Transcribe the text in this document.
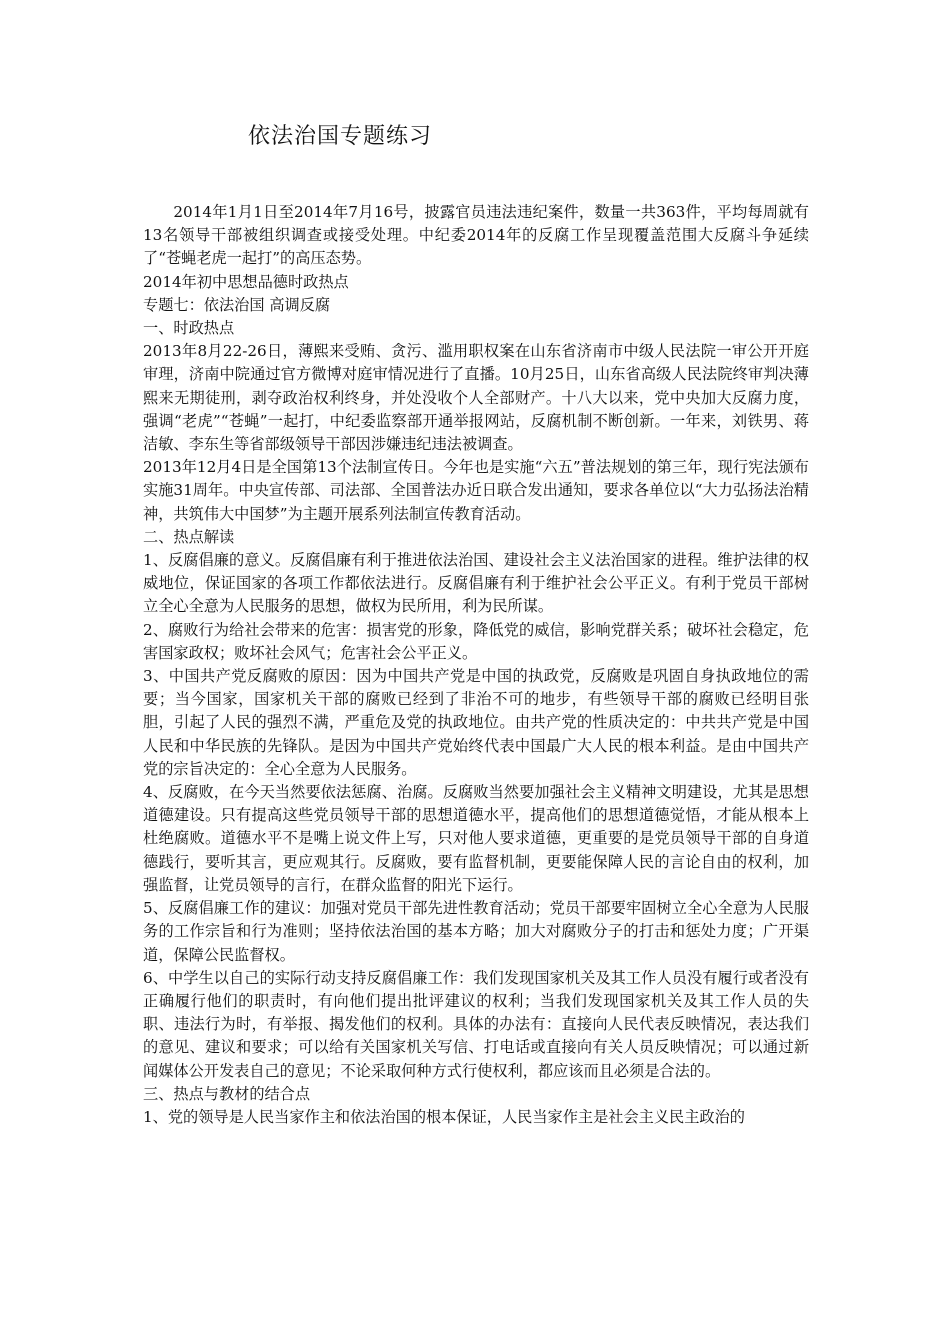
依法治国专题练习

2014年1月1日至2014年7月16号，披露官员违法违纪案件，数量一共363件，平均每周就有13名领导干部被组织调查或接受处理。中纪委2014年的反腐工作呈现覆盖范围大反腐斗争延续了“苍蝇老虎一起打”的高压态势。

2014年初中思想品德时政热点

专题七：依法治国 高调反腐

一、时政热点

2013年8月22-26日，薄熙来受贿、贪污、滥用职权案在山东省济南市中级人民法院一审公开开庭审理，济南中院通过官方微博对庭审情况进行了直播。10月25日，山东省高级人民法院终审判决薄熙来无期徒刑，剥夺政治权利终身，并处没收个人全部财产。十八大以来，党中央加大反腐力度，强调“老虎”“苍蝇”一起打，中纪委监察部开通举报网站，反腐机制不断创新。一年来，刘铁男、蒋洁敏、李东生等省部级领导干部因涉嫌违纪违法被调查。

2013年12月4日是全国第13个法制宣传日。今年也是实施“六五”普法规划的第三年，现行宪法颁布实施31周年。中央宣传部、司法部、全国普法办近日联合发出通知，要求各单位以“大力弘扬法治精神，共筑伟大中国梦”为主题开展系列法制宣传教育活动。

二、热点解读

1、反腐倡廉的意义。反腐倡廉有利于推进依法治国、建设社会主义法治国家的进程。维护法律的权威地位，保证国家的各项工作都依法进行。反腐倡廉有利于维护社会公平正义。有利于党员干部树立全心全意为人民服务的思想，做权为民所用，利为民所谋。

2、腐败行为给社会带来的危害：损害党的形象，降低党的威信，影响党群关系；破坏社会稳定，危害国家政权；败坏社会风气；危害社会公平正义。

3、中国共产党反腐败的原因：因为中国共产党是中国的执政党，反腐败是巩固自身执政地位的需要；当今国家，国家机关干部的腐败已经到了非治不可的地步，有些领导干部的腐败已经明目张胆，引起了人民的强烈不满，严重危及党的执政地位。由共产党的性质决定的：中共共产党是中国人民和中华民族的先锋队。是因为中国共产党始终代表中国最广大人民的根本利益。是由中国共产党的宗旨决定的：全心全意为人民服务。

4、反腐败，在今天当然要依法惩腐、治腐。反腐败当然要加强社会主义精神文明建设，尤其是思想道德建设。只有提高这些党员领导干部的思想道德水平，提高他们的思想道德觉悟，才能从根本上杜绝腐败。道德水平不是嘴上说文件上写，只对他人要求道德，更重要的是党员领导干部的自身道德践行，要听其言，更应观其行。反腐败，要有监督机制，更要能保障人民的言论自由的权利，加强监督，让党员领导的言行，在群众监督的阳光下运行。

5、反腐倡廉工作的建议：加强对党员干部先进性教育活动；党员干部要牢固树立全心全意为人民服务的工作宗旨和行为准则；坚持依法治国的基本方略；加大对腐败分子的打击和惩处力度；广开渠道，保障公民监督权。

6、中学生以自己的实际行动支持反腐倡廉工作：我们发现国家机关及其工作人员没有履行或者没有正确履行他们的职责时，有向他们提出批评建议的权利；当我们发现国家机关及其工作人员的失职、违法行为时，有举报、揭发他们的权利。具体的办法有：直接向人民代表反映情况，表达我们的意见、建议和要求；可以给有关国家机关写信、打电话或直接向有关人员反映情况；可以通过新闻媒体公开发表自己的意见；不论采取何种方式行使权利，都应该而且必须是合法的。

三、热点与教材的结合点

1、党的领导是人民当家作主和依法治国的根本保证，人民当家作主是社会主义民主政治的
